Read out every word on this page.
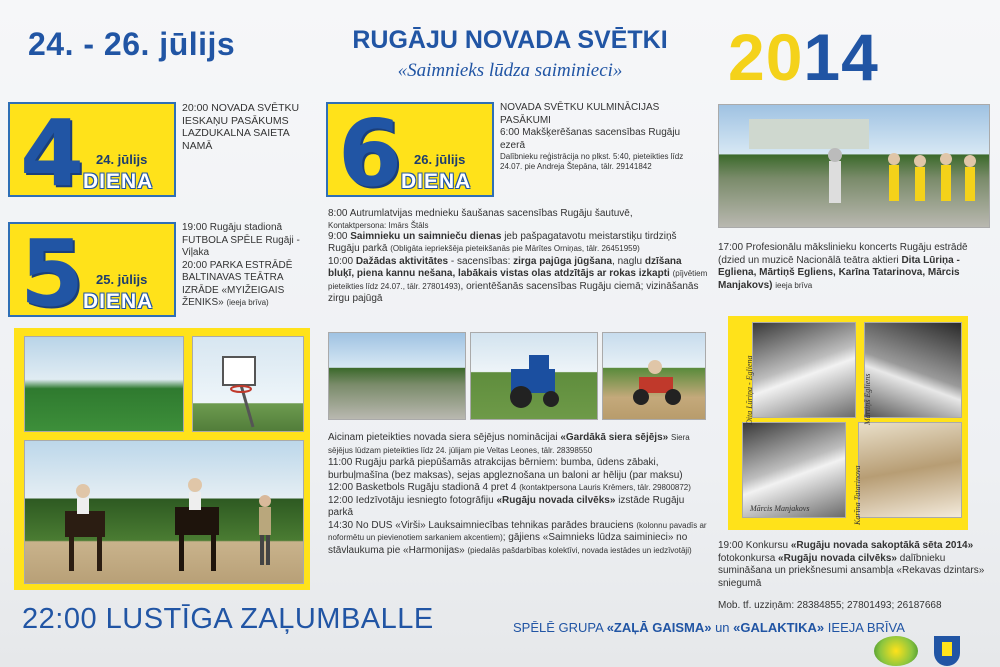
24. - 26. jūlijs	RUGĀJU NOVADA SVĒTKI
«Saimnieks lūdza saiminieci»	2014
4 24. jūlijs
DIENA
20:00 NOVADA SVĒTKU IESKAŅU PASĀKUMS LAZDUKALNA SAIETA NAMĀ
5 25. jūlijs
DIENA
19:00 Rugāju stadionā FUTBOLA SPĒLE Rugāji - Viļaka
20:00 PARKA ESTRĀDĒ BALTINAVAS TEĀTRA IZRĀDE «MYIŽEIGAIS ŽENIKS» (ieeja brīva)
6 26. jūlijs
DIENA
NOVADA SVĒTKU KULMINĀCIJAS PASĀKUMI
6:00 Makšķerēšanas sacensības Rugāju ezerā
Dalībnieku reģistrācija no plkst. 5:40, pieteikties līdz 24.07. pie Andreja Štepāna, tālr. 29141842
8:00 Autrumlatvijas mednieku šaušanas sacensības Rugāju šautuvē,
Kontaktpersona: Imārs Štāls
9:00 Saimnieku un saimnieču dienas jeb pašpagatavotu meistarstiķu tirdziņš Rugāju parkā (Obligāta iepriekšēja pieteikšanās pie Mārītes Orniņas, tālr. 26451959)
10:00 Dažādas aktivitātes - sacensības: zirga pajūga jūgšana, naglu dzīšana bluķī, piena kannu nešana, labākais vistas olas atdzītājs ar rokas izkapti (pījvētiem pieteikties līdz 24.07., tālr. 27801493), orientēšanās sacensības Rugāju ciemā; vizināšanās zirgu pajūgā
Aicinam pieteikties novada siera sējējus nominācijai «Gardākā siera sējējs» Siera sējējus lūdzam pieteikties līdz 24. jūlijam pie Veltas Leones, tālr. 28398550
11:00 Rugāju parkā piepūšamās atrakcijas bērniem: bumba, ūdens zābaki, burbuļmašīna (bez maksas), sejas apgleznošana un baloni ar hēliju (par maksu)
12:00 Basketbols Rugāju stadionā 4 pret 4 (kontaktpersona Lauris Krēmers, tālr. 29800872)
12:00 Iedzīvotāju iesniegto fotogrāfiju «Rugāju novada cilvēks» izstāde Rugāju parkā
14:30 No DUS «Virši» Lauksaimniecības tehnikas parādes brauciens (kolonnu pavadīs ar noformētu un pievienotiem sarkaniem akcentiem); gājiens «Saimnieks lūdza saiminieci» no stāvlaukuma pie «Harmonijas» (piedalās pašdarbības kolektīvi, novada iestādes un iedzīvotāji)
17:00 Profesionālu mākslinieku koncerts Rugāju estrādē
(dzied un muzicē Nacionālā teātra aktieri Dita Lūriņa - Egliena, Mārtiņš Egliens, Karīna Tatarinova, Mārcis Manjakovs) ieeja brīva
Dita Lūriņa - Egliena	Mārtiņš Egliens
Mārcis Manjakovs	Karīna Tatarinova
19:00 Konkursu «Rugāju novada sakoptākā sēta 2014» fotokonkursa «Rugāju novada cilvēks» dalībnieku sumināšana un priekšnesumi ansambļa «Rekavas dzintars» sniegumā
Mob. tf. uzziņām: 28384855; 27801493; 26187668
22:00 LUSTĪGA ZAĻUMBALLE	SPĒLĒ GRUPA «ZAĻĀ GAISMA» un «GALAKTIKA» IEEJA BRĪVA
